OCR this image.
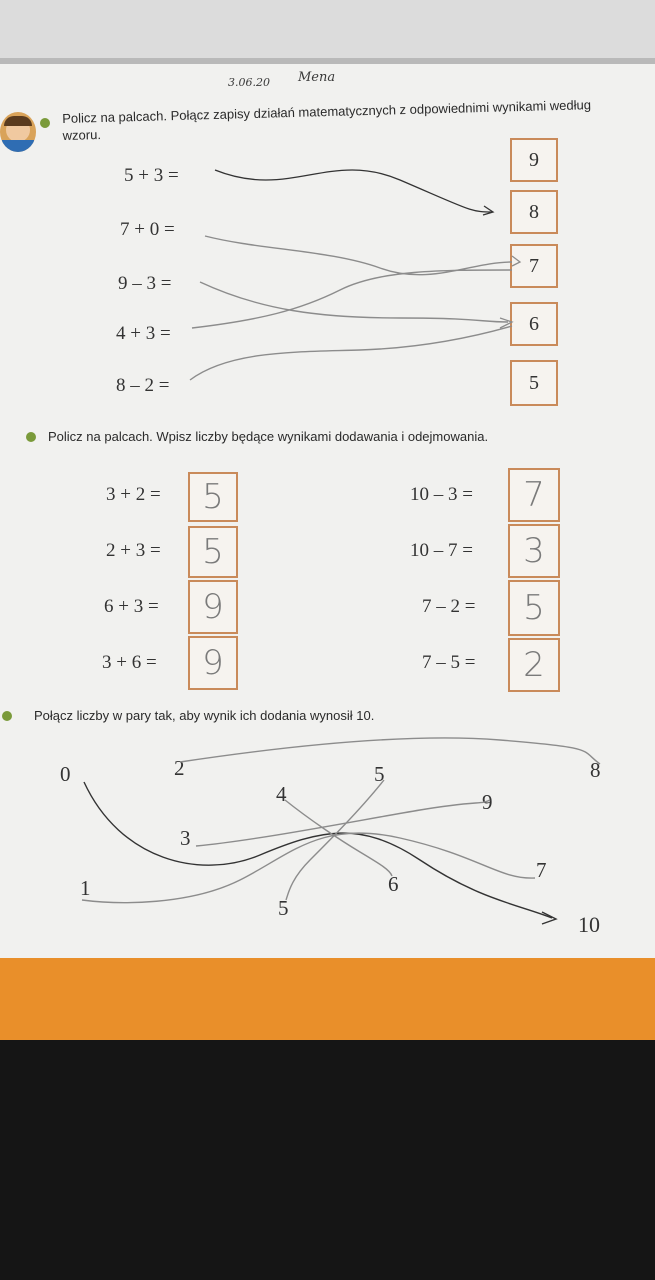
3.06.20 Mena
Policz na palcach. Połącz zapisy działań matematycznych z odpowiednimi wynikami według wzoru.
5 + 3 =
7 + 0 =
9 – 3 =
4 + 3 =
8 – 2 =
9
8
7
6
5
Policz na palcach. Wpisz liczby będące wynikami dodawania i odejmowania.
3 + 2 =	5
2 + 3 =	5
6 + 3 =	9
3 + 6 =	9
10 – 3 =	7
10 – 7 =	3
7 – 2 =	5
7 – 5 =	2
Połącz liczby w pary tak, aby wynik ich dodania wynosił 10.
0
1
2
3
4
5
5
6
7
8
9
10
